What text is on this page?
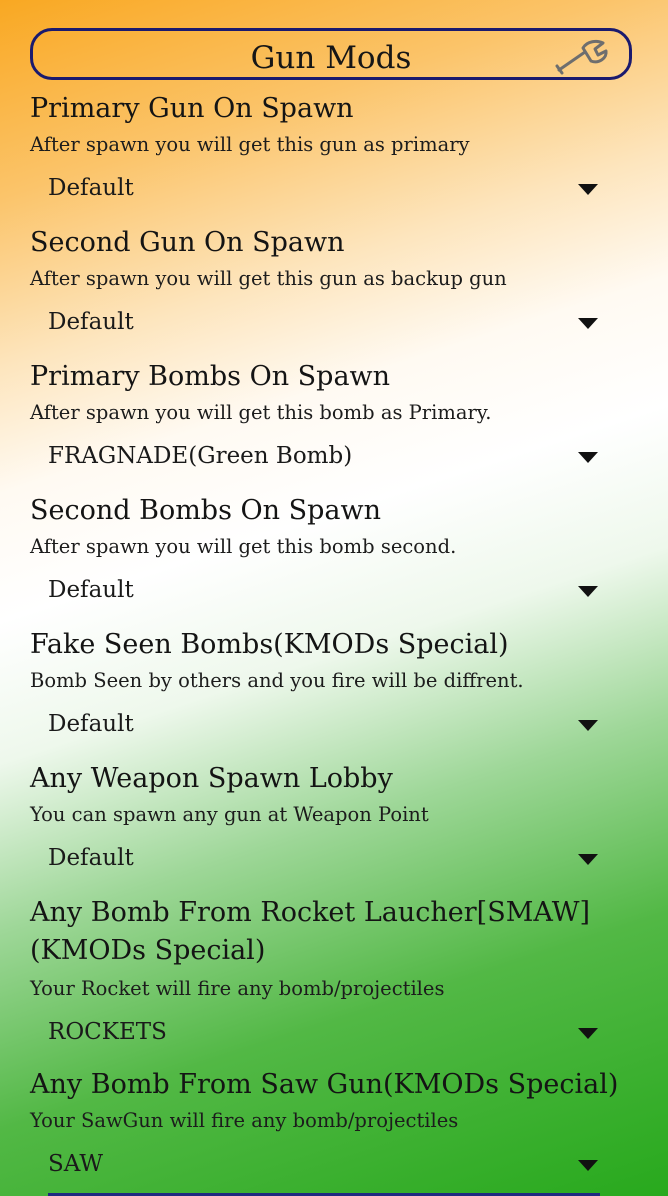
Gun Mods
Primary Gun On Spawn
After spawn you will get this gun as primary
Default
Second Gun On Spawn
After spawn you will get this gun as backup gun
Default
Primary Bombs On Spawn
After spawn you will get this bomb as Primary.
FRAGNADE(Green Bomb)
Second Bombs On Spawn
After spawn you will get this bomb second.
Default
Fake Seen Bombs(KMODs Special)
Bomb Seen by others and you fire will be diffrent.
Default
Any Weapon Spawn Lobby
You can spawn any gun at Weapon Point
Default
Any Bomb From Rocket Laucher[SMAW] (KMODs Special)
Your Rocket will fire any bomb/projectiles
ROCKETS
Any Bomb From Saw Gun(KMODs Special)
Your SawGun will fire any bomb/projectiles
SAW
